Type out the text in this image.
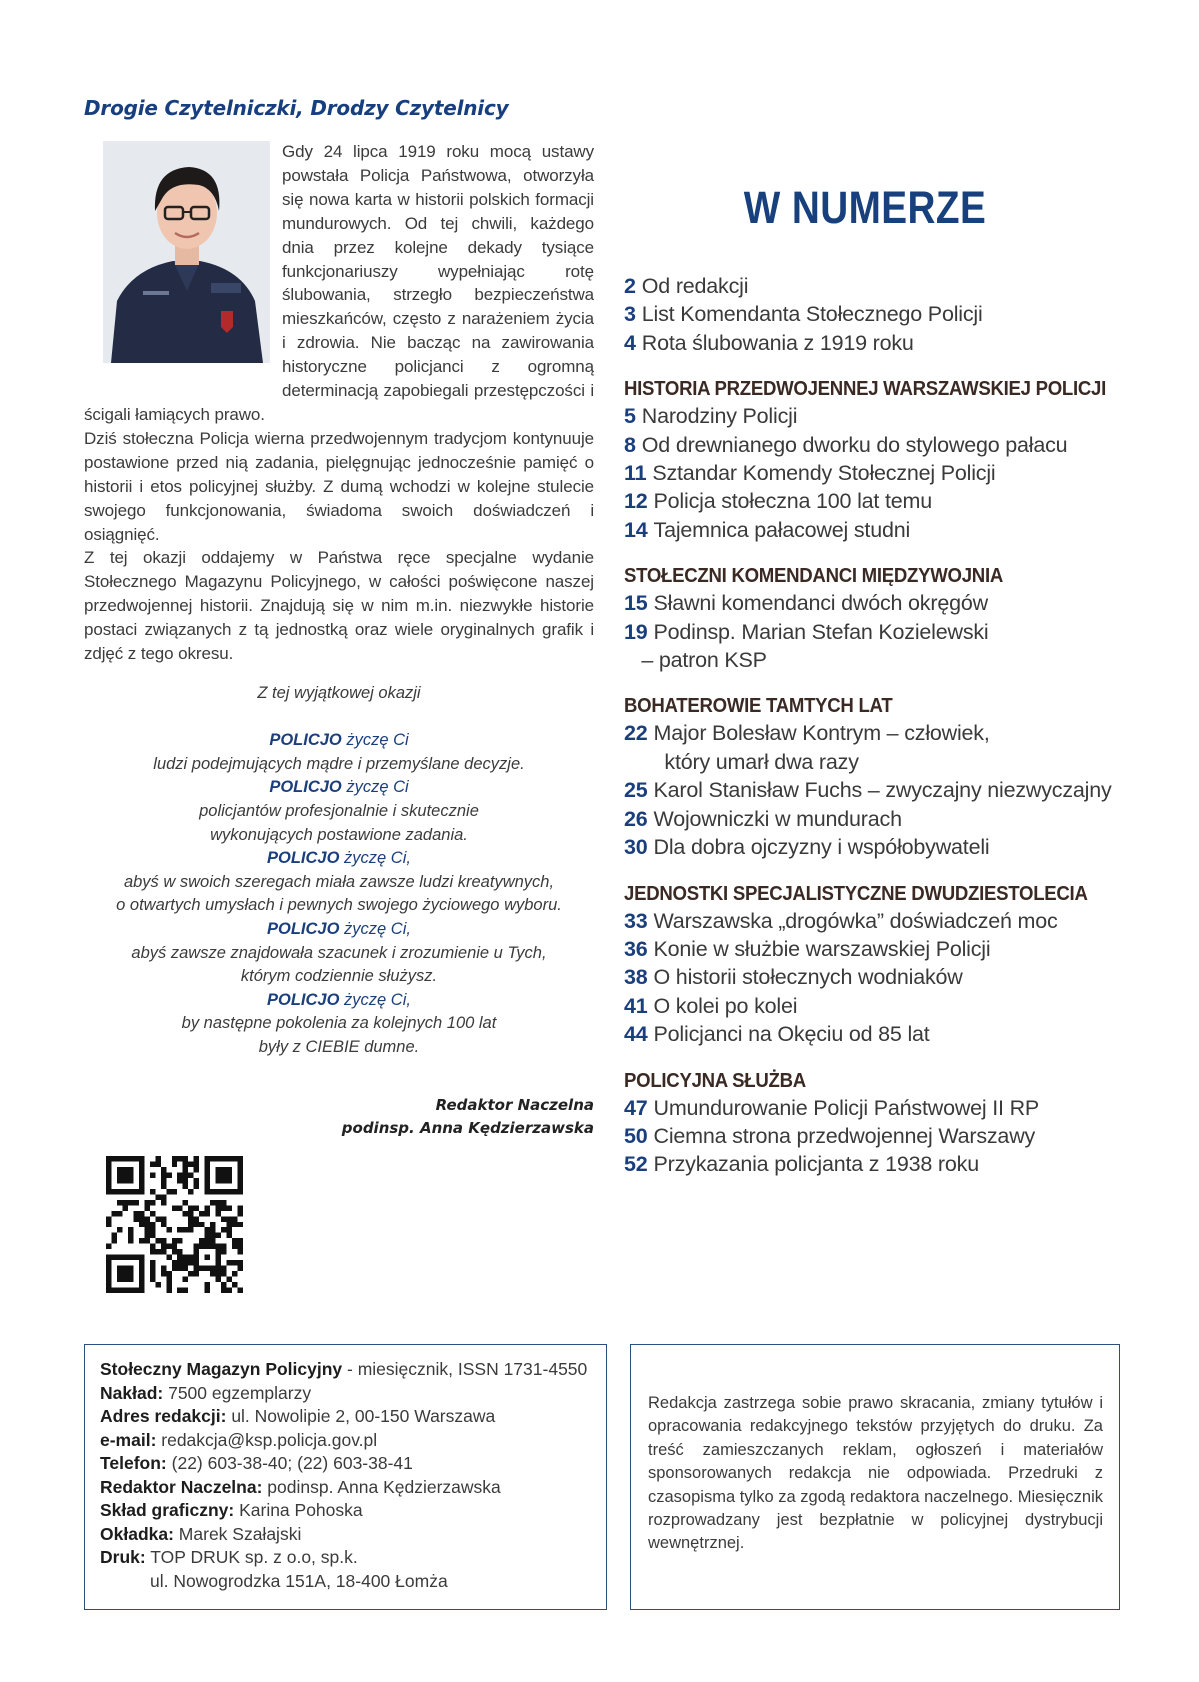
Drogie Czytelniczki, Drodzy Czytelnicy

Gdy 24 lipca 1919 roku mocą ustawy powstała Policja Państwowa, otworzyła się nowa karta w historii polskich formacji mundurowych. Od tej chwili, każdego dnia przez kolejne dekady tysiące funkcjonariuszy wypełniając rotę ślubowania, strzegło bezpieczeństwa mieszkańców, często z narażeniem życia i zdrowia. Nie bacząc na zawirowania historyczne policjanci z ogromną determinacją zapobiegali przestępczości i ścigali łamiących prawo.

Dziś stołeczna Policja wierna przedwojennym tradycjom kontynuuje postawione przed nią zadania, pielęgnując jednocześnie pamięć o historii i etos policyjnej służby. Z dumą wchodzi w kolejne stulecie swojego funkcjonowania, świadoma swoich doświadczeń i osiągnięć.

Z tej okazji oddajemy w Państwa ręce specjalne wydanie Stołecznego Magazynu Policyjnego, w całości poświęcone naszej przedwojennej historii. Znajdują się w nim m.in. niezwykłe historie postaci związanych z tą jednostką oraz wiele oryginalnych grafik i zdjęć z tego okresu.

Z tej wyjątkowej okazji
POLICJO życzę Ci
ludzi podejmujących mądre i przemyślane decyzje.
POLICJO życzę Ci
policjantów profesjonalnie i skutecznie
wykonujących postawione zadania.
POLICJO życzę Ci,
abyś w swoich szeregach miała zawsze ludzi kreatywnych,
o otwartych umysłach i pewnych swojego życiowego wyboru.
POLICJO życzę Ci,
abyś zawsze znajdowała szacunek i zrozumienie u Tych,
którym codziennie służysz.
POLICJO życzę Ci,
by następne pokolenia za kolejnych 100 lat
były z CIEBIE dumne.
Redaktor Naczelna
podinsp. Anna Kędzierzawska
W NUMERZE
2 Od redakcji
3 List Komendanta Stołecznego Policji
4 Rota ślubowania z 1919 roku
HISTORIA PRZEDWOJENNEJ WARSZAWSKIEJ POLICJI
5 Narodziny Policji
8 Od drewnianego dworku do stylowego pałacu
11 Sztandar Komendy Stołecznej Policji
12 Policja stołeczna 100 lat temu
14 Tajemnica pałacowej studni
STOŁECZNI KOMENDANCI MIĘDZYWOJNIA
15 Sławni komendanci dwóch okręgów
19 Podinsp. Marian Stefan Kozielewski
– patron KSP
BOHATEROWIE TAMTYCH LAT
22 Major Bolesław Kontrym – człowiek,
który umarł dwa razy
25 Karol Stanisław Fuchs – zwyczajny niezwyczajny
26 Wojowniczki w mundurach
30 Dla dobra ojczyzny i współobywateli
JEDNOSTKI SPECJALISTYCZNE DWUDZIESTOLECIA
33 Warszawska „drogówka” doświadczeń moc
36 Konie w służbie warszawskiej Policji
38 O historii stołecznych wodniaków
41 O kolei po kolei
44 Policjanci na Okęciu od 85 lat
POLICYJNA SŁUŻBA
47 Umundurowanie Policji Państwowej II RP
50 Ciemna strona przedwojennej Warszawy
52 Przykazania policjanta z 1938 roku
Stołeczny Magazyn Policyjny - miesięcznik, ISSN 1731-4550
Nakład: 7500 egzemplarzy
Adres redakcji: ul. Nowolipie 2, 00-150 Warszawa
e-mail: redakcja@ksp.policja.gov.pl
Telefon: (22) 603-38-40; (22) 603-38-41
Redaktor Naczelna: podinsp. Anna Kędzierzawska
Skład graficzny: Karina Pohoska
Okładka: Marek Szałajski
Druk: TOP DRUK sp. z o.o, sp.k.
ul. Nowogrodzka 151A, 18-400 Łomża
Redakcja zastrzega sobie prawo skracania, zmiany tytułów i opracowania redakcyjnego tekstów przyjętych do druku. Za treść zamieszczanych reklam, ogłoszeń i materiałów sponsorowanych redakcja nie odpowiada. Przedruki z czasopisma tylko za zgodą redaktora naczelnego. Miesięcznik rozprowadzany jest bezpłatnie w policyjnej dystrybucji wewnętrznej.
